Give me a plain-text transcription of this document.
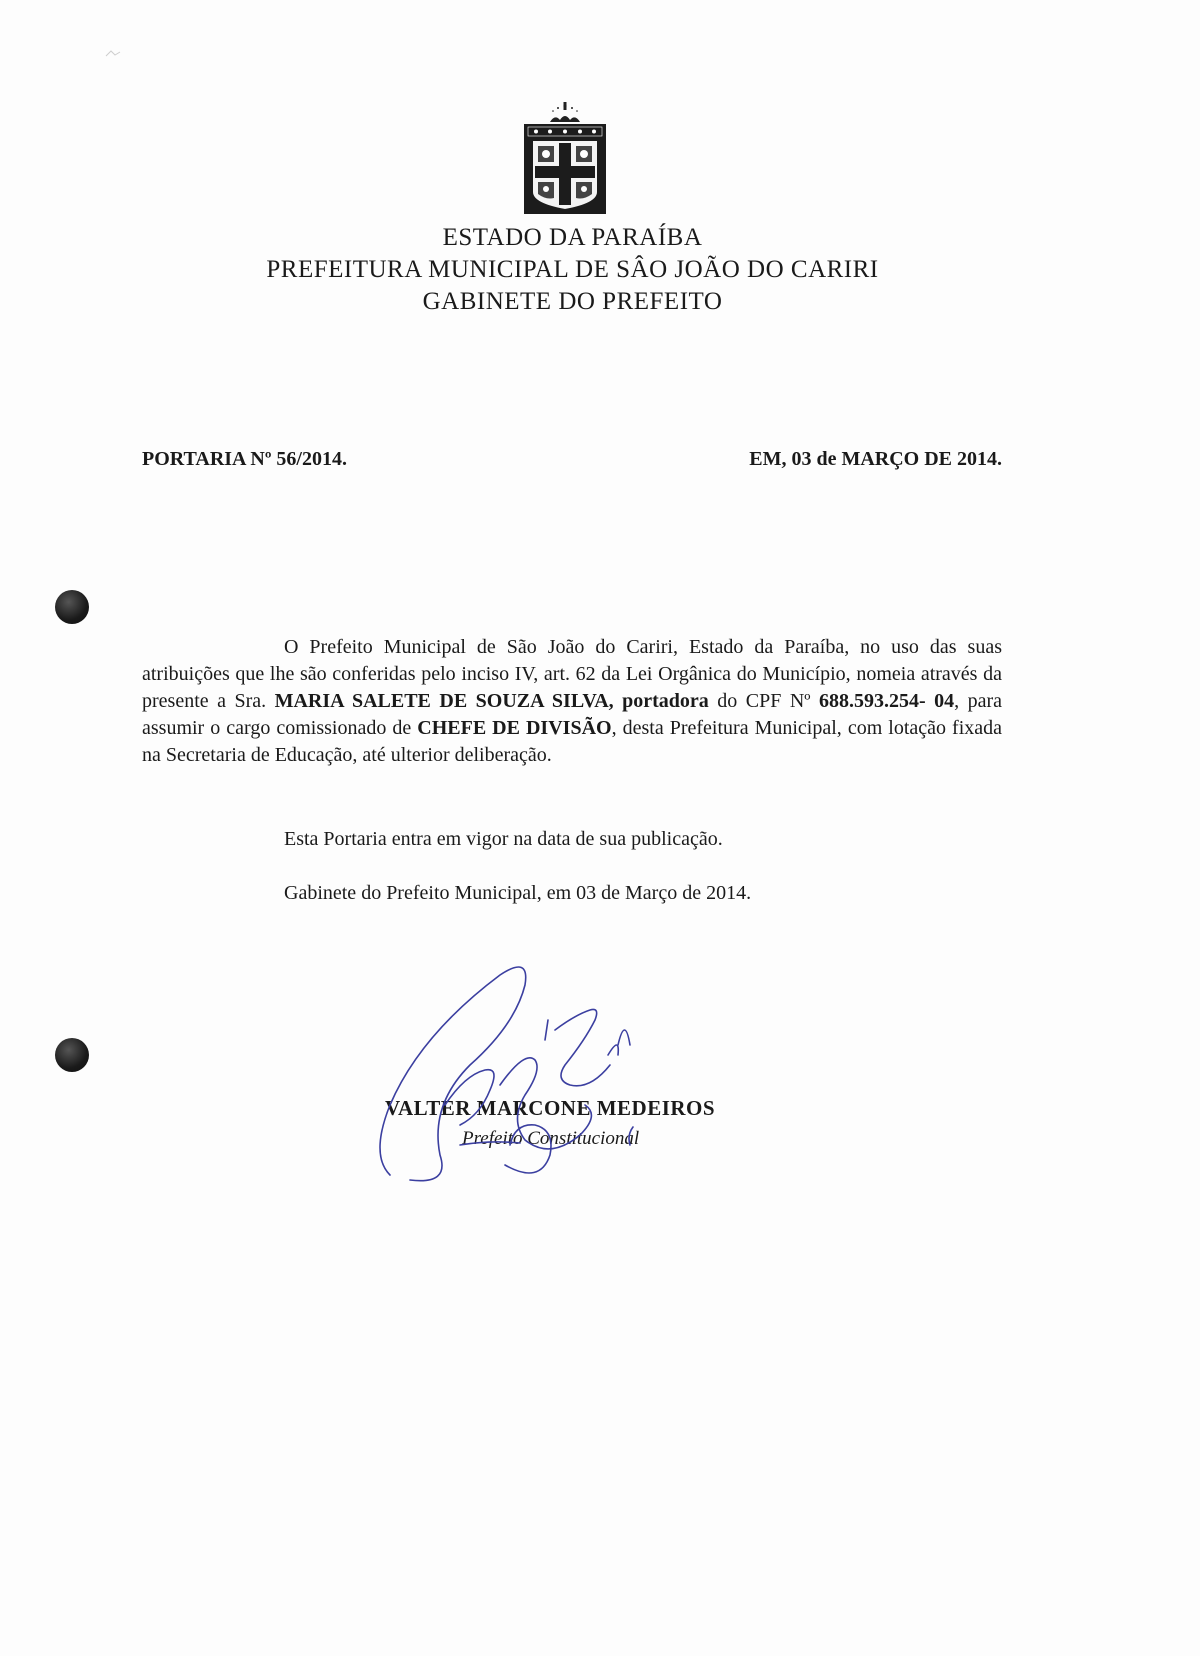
ESTADO DA PARAÍBA
PREFEITURA MUNICIPAL DE SÂO JOÃO DO CARIRI
GABINETE DO PREFEITO
PORTARIA Nº 56/2014.	EM, 03 de MARÇO DE 2014.

O Prefeito Municipal de São João do Cariri, Estado da Paraíba, no uso das suas atribuições que lhe são conferidas pelo inciso IV, art. 62 da Lei Orgânica do Município, nomeia através da presente a Sra. MARIA SALETE DE SOUZA SILVA, portadora do CPF Nº 688.593.254- 04, para assumir o cargo comissionado de CHEFE DE DIVISÃO, desta Prefeitura Municipal, com lotação fixada na Secretaria de Educação, até ulterior deliberação.

Esta Portaria entra em vigor na data de sua publicação.
Gabinete do Prefeito Municipal, em 03 de Março de 2014.
VALTER MARCONE MEDEIROS
Prefeito Constitucional
